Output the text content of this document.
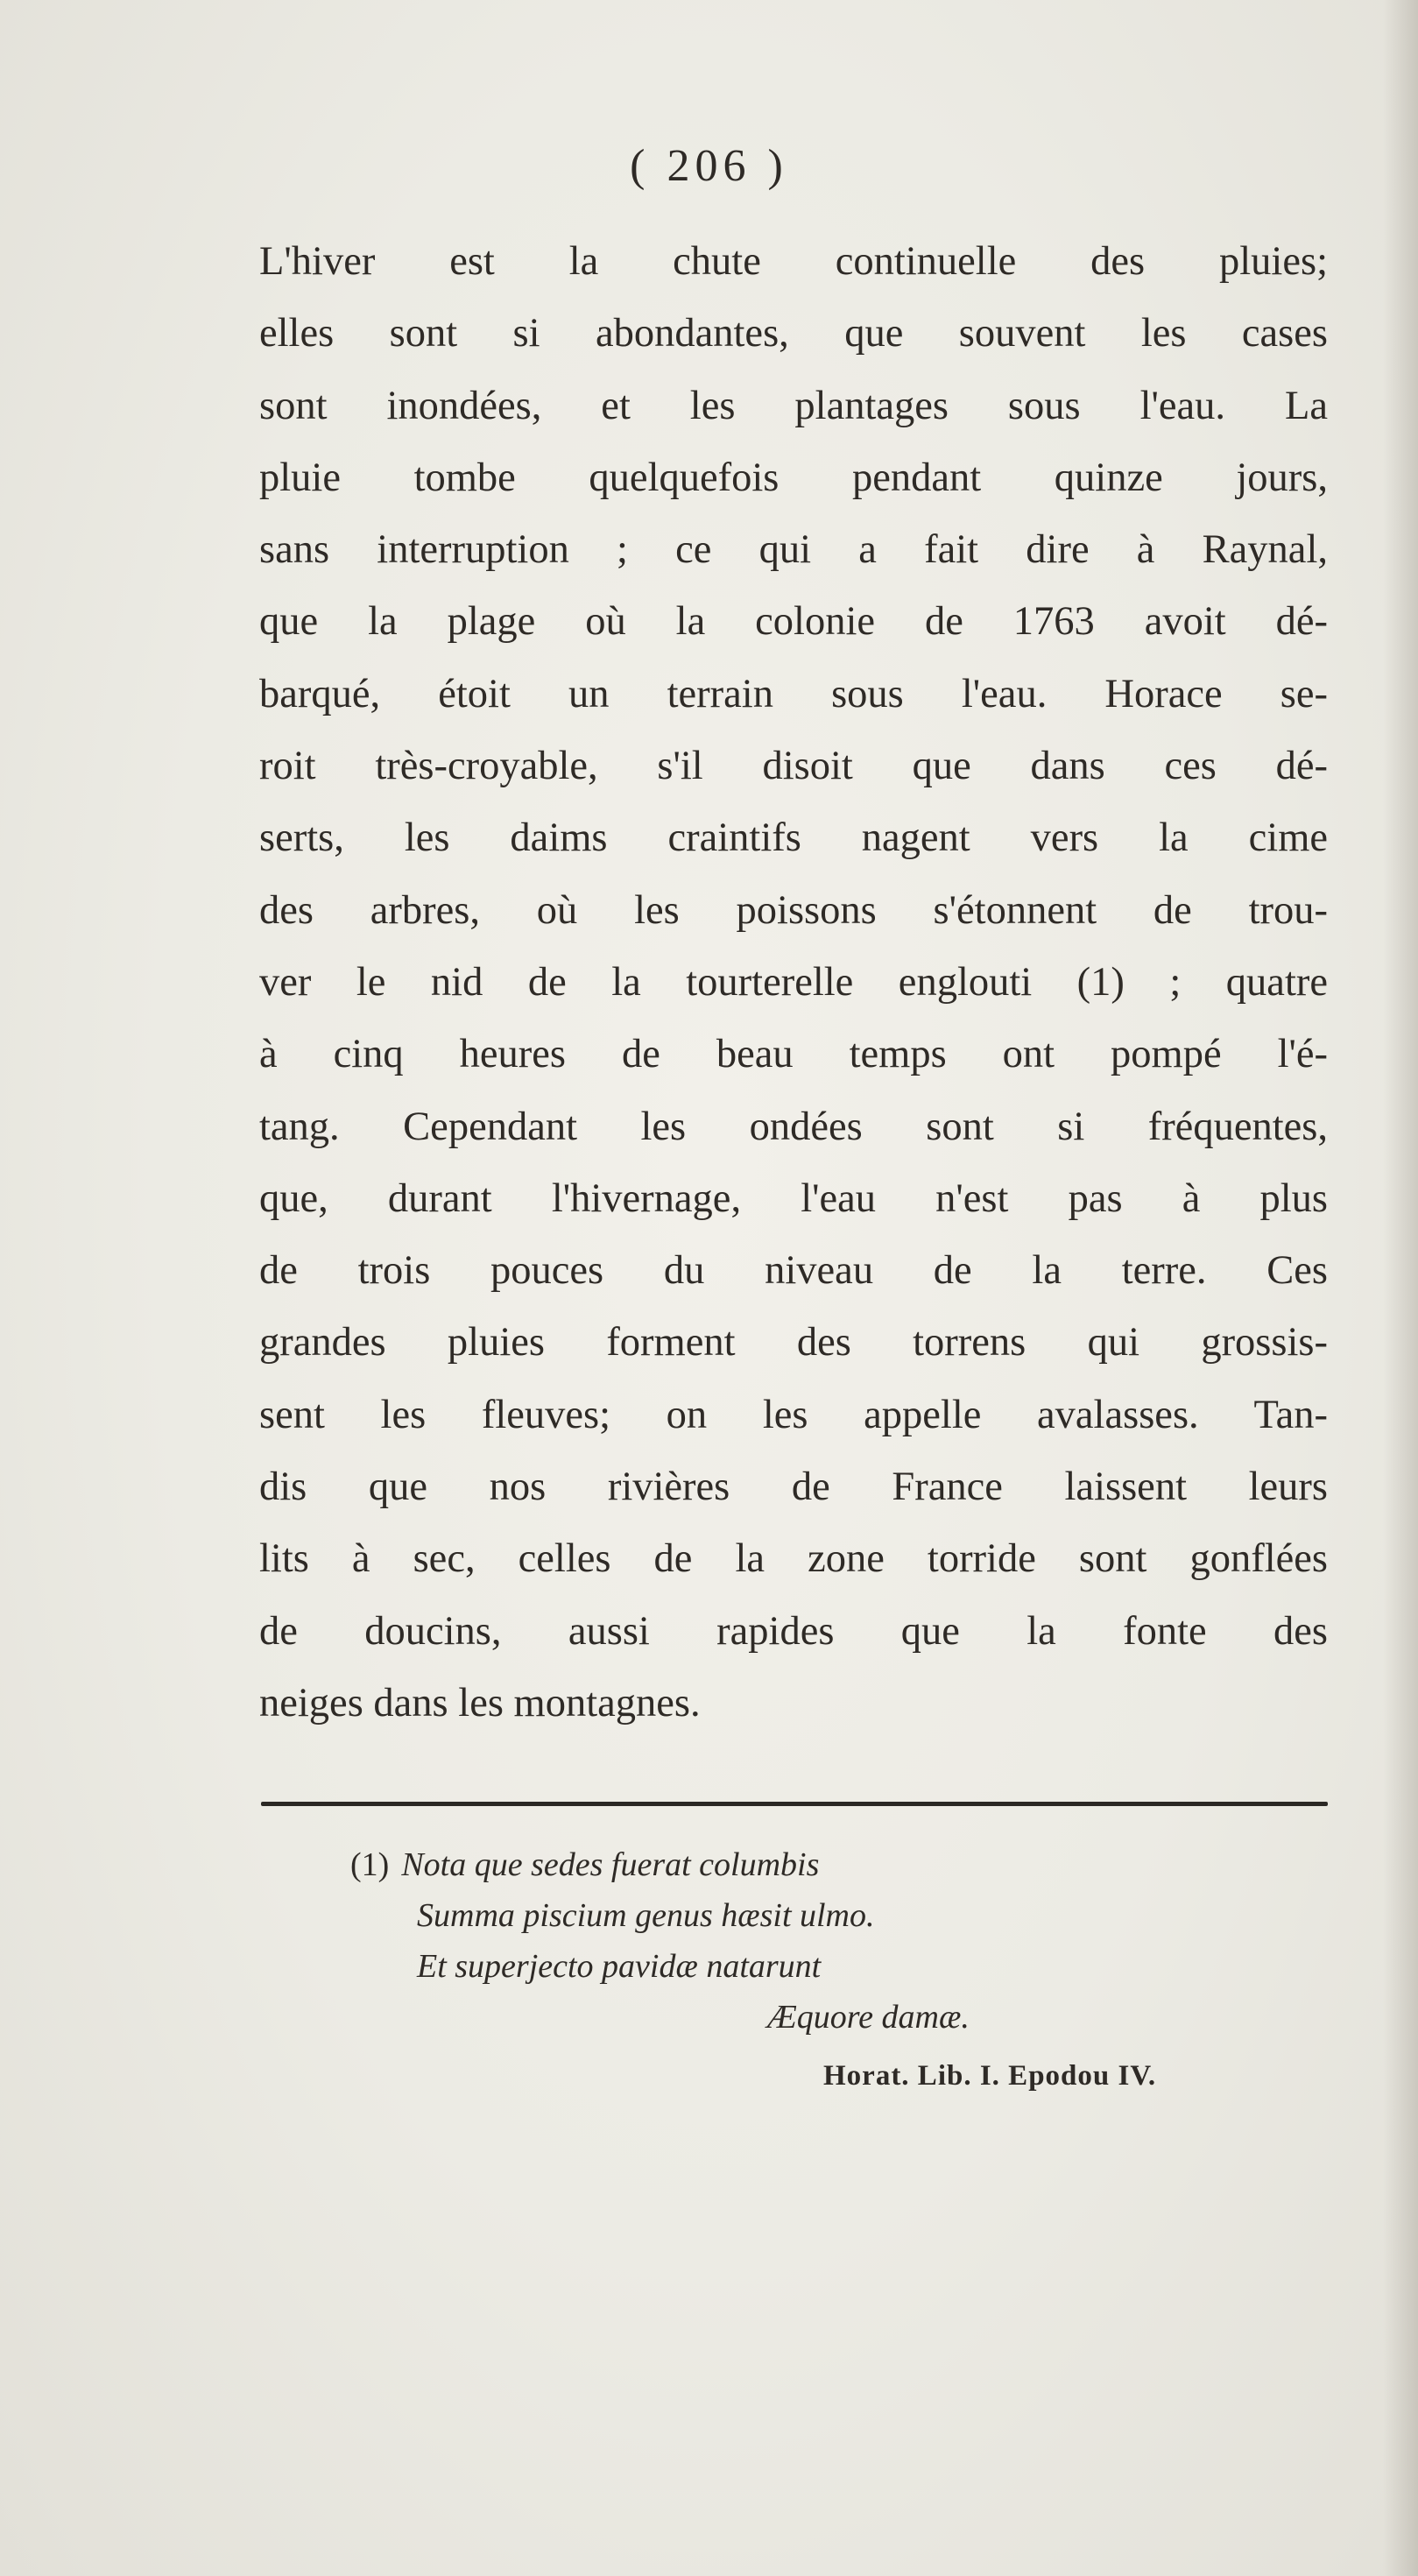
( 206 )
L'hiver est la chute continuelle des pluies;
elles sont si abondantes, que souvent les cases
sont inondées, et les plantages sous l'eau. La
pluie tombe quelquefois pendant quinze jours,
sans interruption ; ce qui a fait dire à Raynal,
que la plage où la colonie de 1763 avoit dé-
barqué, étoit un terrain sous l'eau. Horace se-
roit très-croyable, s'il disoit que dans ces dé-
serts, les daims craintifs nagent vers la cime
des arbres, où les poissons s'étonnent de trou-
ver le nid de la tourterelle englouti (1) ; quatre
à cinq heures de beau temps ont pompé l'é-
tang. Cependant les ondées sont si fréquentes,
que, durant l'hivernage, l'eau n'est pas à plus
de trois pouces du niveau de la terre. Ces
grandes pluies forment des torrens qui grossis-
sent les fleuves; on les appelle avalasses. Tan-
dis que nos rivières de France laissent leurs
lits à sec, celles de la zone torride sont gonflées
de doucins, aussi rapides que la fonte des
neiges dans les montagnes.
(1) Nota que sedes fuerat columbis
Summa piscium genus hæsit ulmo.
Et superjecto pavidæ natarunt
Æquore damæ.
Horat. Lib. I. Epodou IV.
